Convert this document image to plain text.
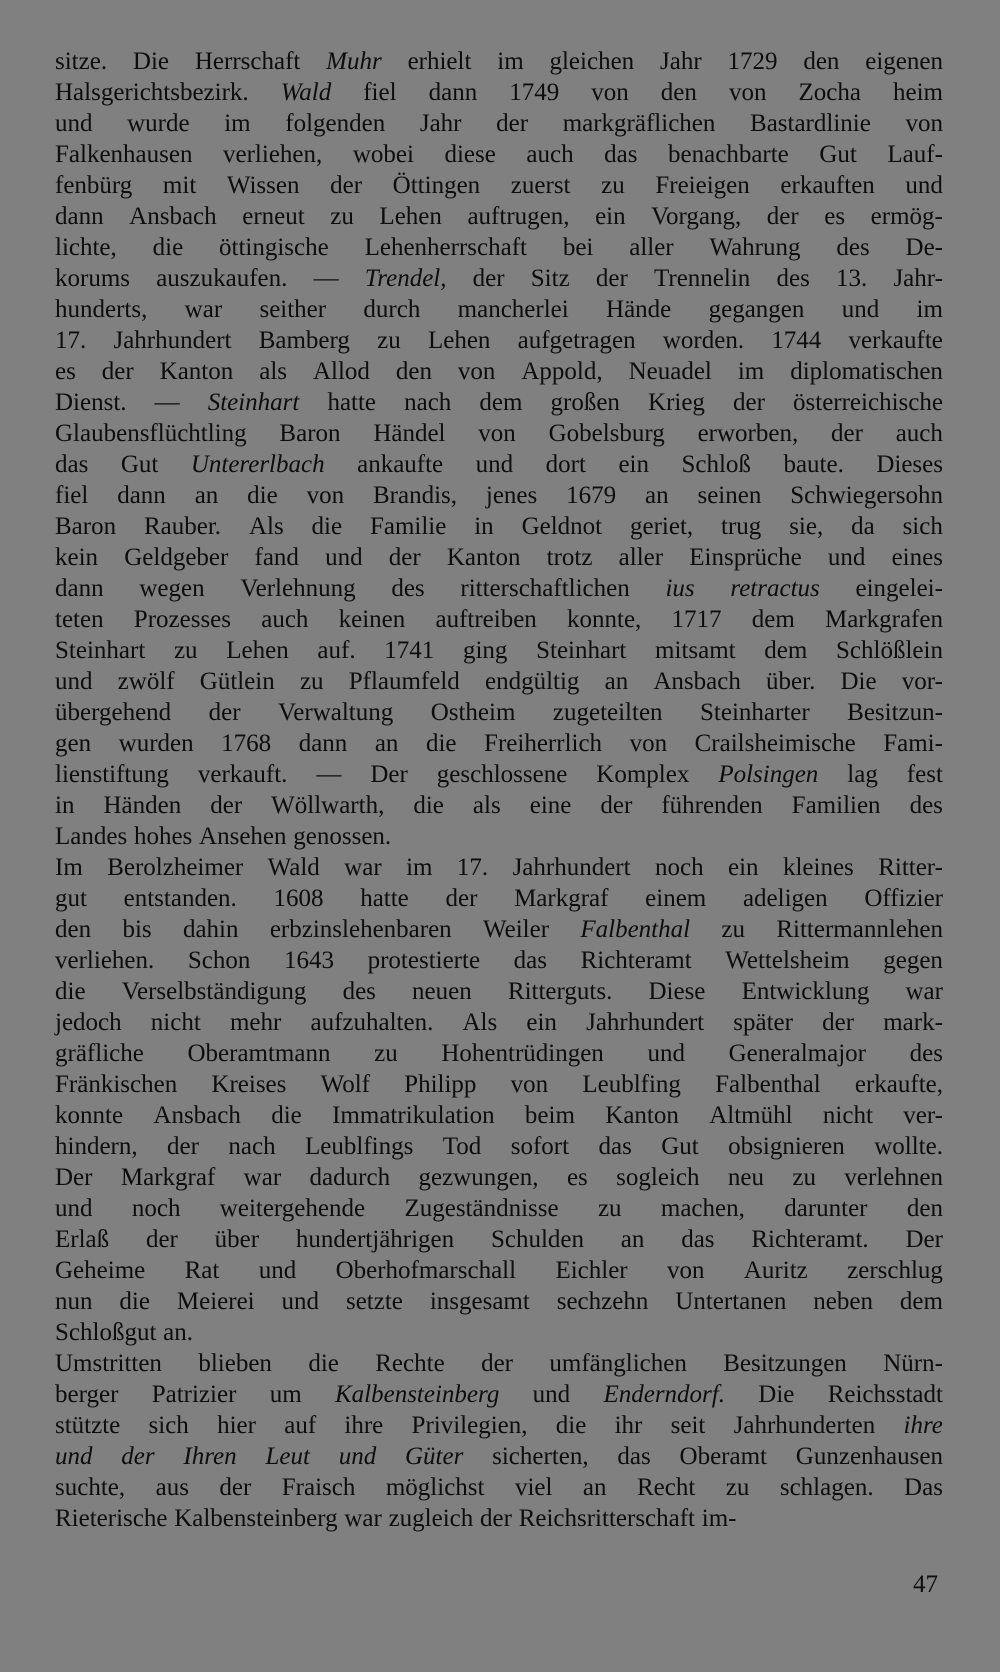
sitze. Die Herrschaft Muhr erhielt im gleichen Jahr 1729 den eigenen
Halsgerichtsbezirk. Wald fiel dann 1749 von den von Zocha heim
und wurde im folgenden Jahr der markgräflichen Bastardlinie von
Falkenhausen verliehen, wobei diese auch das benachbarte Gut Lauf-
fenbürg mit Wissen der Öttingen zuerst zu Freieigen erkauften und
dann Ansbach erneut zu Lehen auftrugen, ein Vorgang, der es ermög-
lichte, die öttingische Lehenherrschaft bei aller Wahrung des De-
korums auszukaufen. — Trendel, der Sitz der Trennelin des 13. Jahr-
hunderts, war seither durch mancherlei Hände gegangen und im
17. Jahrhundert Bamberg zu Lehen aufgetragen worden. 1744 verkaufte
es der Kanton als Allod den von Appold, Neuadel im diplomatischen
Dienst. — Steinhart hatte nach dem großen Krieg der österreichische
Glaubensflüchtling Baron Händel von Gobelsburg erworben, der auch
das Gut Untererlbach ankaufte und dort ein Schloß baute. Dieses
fiel dann an die von Brandis, jenes 1679 an seinen Schwiegersohn
Baron Rauber. Als die Familie in Geldnot geriet, trug sie, da sich
kein Geldgeber fand und der Kanton trotz aller Einsprüche und eines
dann wegen Verlehnung des ritterschaftlichen ius retractus eingelei-
teten Prozesses auch keinen auftreiben konnte, 1717 dem Markgrafen
Steinhart zu Lehen auf. 1741 ging Steinhart mitsamt dem Schlößlein
und zwölf Gütlein zu Pflaumfeld endgültig an Ansbach über. Die vor-
übergehend der Verwaltung Ostheim zugeteilten Steinharter Besitzun-
gen wurden 1768 dann an die Freiherrlich von Crailsheimische Fami-
lienstiftung verkauft. — Der geschlossene Komplex Polsingen lag fest
in Händen der Wöllwarth, die als eine der führenden Familien des
Landes hohes Ansehen genossen.
Im Berolzheimer Wald war im 17. Jahrhundert noch ein kleines Ritter-
gut entstanden. 1608 hatte der Markgraf einem adeligen Offizier
den bis dahin erbzinslehenbaren Weiler Falbenthal zu Rittermannlehen
verliehen. Schon 1643 protestierte das Richteramt Wettelsheim gegen
die Verselbständigung des neuen Ritterguts. Diese Entwicklung war
jedoch nicht mehr aufzuhalten. Als ein Jahrhundert später der mark-
gräfliche Oberamtmann zu Hohentrüdingen und Generalmajor des
Fränkischen Kreises Wolf Philipp von Leublfing Falbenthal erkaufte,
konnte Ansbach die Immatrikulation beim Kanton Altmühl nicht ver-
hindern, der nach Leublfings Tod sofort das Gut obsignieren wollte.
Der Markgraf war dadurch gezwungen, es sogleich neu zu verlehnen
und noch weitergehende Zugeständnisse zu machen, darunter den
Erlaß der über hundertjährigen Schulden an das Richteramt. Der
Geheime Rat und Oberhofmarschall Eichler von Auritz zerschlug
nun die Meierei und setzte insgesamt sechzehn Untertanen neben dem
Schloßgut an.
Umstritten blieben die Rechte der umfänglichen Besitzungen Nürn-
berger Patrizier um Kalbensteinberg und Enderndorf. Die Reichsstadt
stützte sich hier auf ihre Privilegien, die ihr seit Jahrhunderten ihre
und der Ihren Leut und Güter sicherten, das Oberamt Gunzenhausen
suchte, aus der Fraisch möglichst viel an Recht zu schlagen. Das
Rieterische Kalbensteinberg war zugleich der Reichsritterschaft im-
47
